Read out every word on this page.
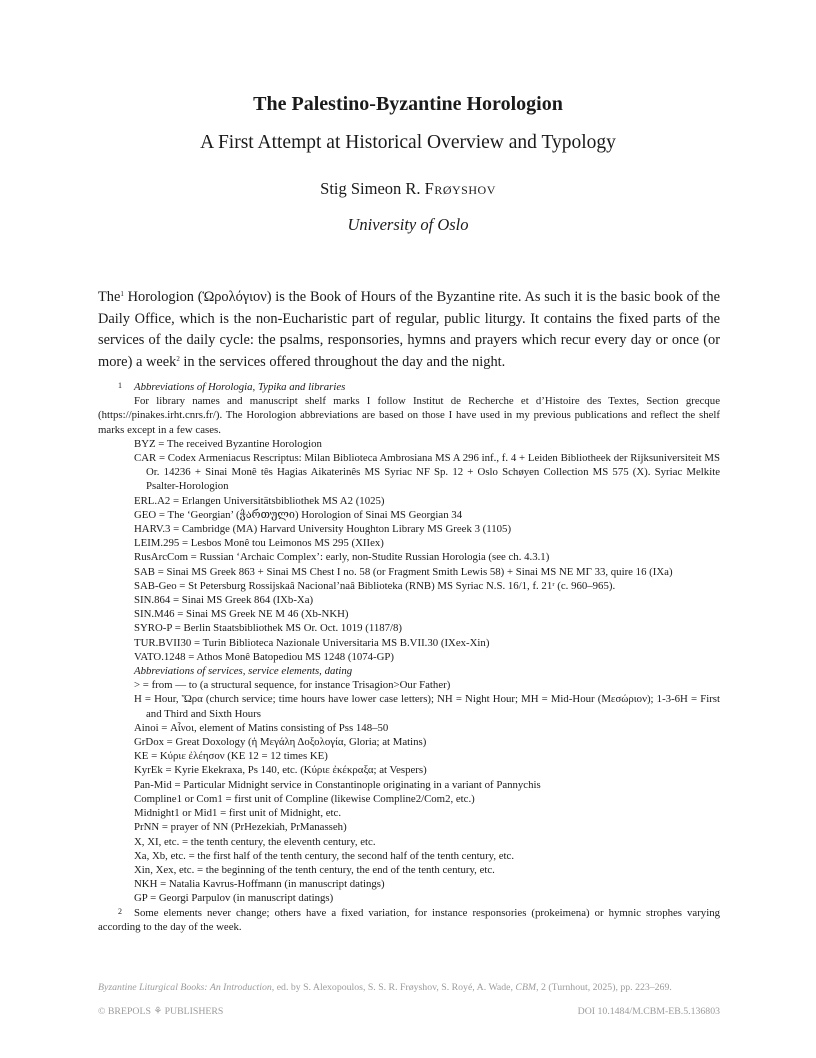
The Palestino-Byzantine Horologion
A First Attempt at Historical Overview and Typology

Stig Simeon R. Frøyshov

University of Oslo

The$^1$ Horologion (Ὡρολόγιον) is the Book of Hours of the Byzantine rite. As such it is the basic book of the Daily Office, which is the non-Eucharistic part of regular, public liturgy. It contains the fixed parts of the services of the daily cycle: the psalms, responsories, hymns and prayers which recur every day or once (or more) a week$^2$ in the services offered throughout the day and the night.

1 Abbreviations of Horologia, Typika and libraries

For library names and manuscript shelf marks I follow Institut de Recherche et d’Histoire des Textes, Section grecque (https://pinakes.irht.cnrs.fr/). The Horologion abbreviations are based on those I have used in my previous publications and reflect the shelf marks except in a few cases.

BYZ = The received Byzantine Horologion

CAR = Codex Armeniacus Rescriptus: Milan Biblioteca Ambrosiana MS A 296 inf., f. 4 + Leiden Bibliotheek der Rijksuniversiteit MS Or. 14236 + Sinai Monê tês Hagias Aikaterinês MS Syriac NF Sp. 12 + Oslo Schøyen Collection MS 575 (X). Syriac Melkite Psalter-Horologion

ERL.A2 = Erlangen Universitätsbibliothek MS A2 (1025)

GEO = The ‘Georgian’ (ჭართული) Horologion of Sinai MS Georgian 34

HARV.3 = Cambridge (MA) Harvard University Houghton Library MS Greek 3 (1105)

LEIM.295 = Lesbos Monê tou Leimonos MS 295 (XIIex)

RusArcCom = Russian ‘Archaic Complex’: early, non-Studite Russian Horologia (see ch. 4.3.1)

SAB = Sinai MS Greek 863 + Sinai MS Chest I no. 58 (or Fragment Smith Lewis 58) + Sinai MS NE MΓ 33, quire 16 (IXa)

SAB-Geo = St Petersburg Rossijskaâ Nacional’naâ Biblioteka (RNB) MS Syriac N.S. 16/1, f. 21ʳ (c. 960–965).

SIN.864 = Sinai MS Greek 864 (IXb-Xa)

SIN.M46 = Sinai MS Greek NE M 46 (Xb-NKH)

SYRO-P = Berlin Staatsbibliothek MS Or. Oct. 1019 (1187/8)

TUR.BVII30 = Turin Biblioteca Nazionale Universitaria MS B.VII.30 (IXex-Xin)

VATO.1248 = Athos Monê Batopediou MS 1248 (1074-GP)

Abbreviations of services, service elements, dating

> = from — to (a structural sequence, for instance Trisagion>Our Father)

H = Hour, Ὥρα (church service; time hours have lower case letters); NH = Night Hour; MH = Mid-Hour (Μεσώριον); 1-3-6H = First and Third and Sixth Hours

Ainoi = Αἶνοι, element of Matins consisting of Pss 148–50

GrDox = Great Doxology (ἡ Μεγάλη Δοξολογία, Gloria; at Matins)

KE = Κύριε ἐλέησον (KE 12 = 12 times KE)

KyrEk = Kyrie Ekekraxa, Ps 140, etc. (Κύριε ἐκέκραξα; at Vespers)

Pan-Mid = Particular Midnight service in Constantinople originating in a variant of Pannychis

Compline1 or Com1 = first unit of Compline (likewise Compline2/Com2, etc.)

Midnight1 or Mid1 = first unit of Midnight, etc.

PrNN = prayer of NN (PrHezekiah, PrManasseh)

X, XI, etc. = the tenth century, the eleventh century, etc.

Xa, Xb, etc. = the first half of the tenth century, the second half of the tenth century, etc.

Xin, Xex, etc. = the beginning of the tenth century, the end of the tenth century, etc.

NKH = Natalia Kavrus-Hoffmann (in manuscript datings)

GP = Georgi Parpulov (in manuscript datings)

2 Some elements never change; others have a fixed variation, for instance responsories (prokeimena) or hymnic strophes varying according to the day of the week.

Byzantine Liturgical Books: An Introduction, ed. by S. Alexopoulos, S. S. R. Frøyshov, S. Royé, A. Wade, CBM, 2 (Turnhout, 2025), pp. 223–269.

© BREPOLS ⚘ PUBLISHERS	DOI 10.1484/M.CBM-EB.5.136803
